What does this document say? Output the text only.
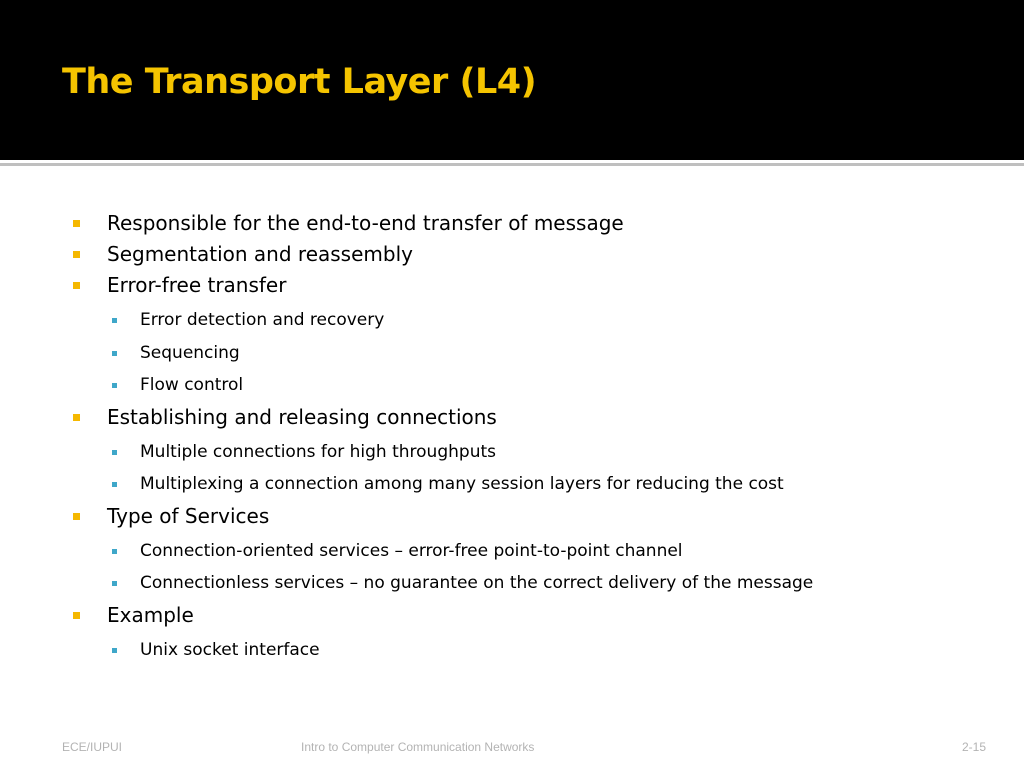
The Transport Layer (L4)
Responsible for the end-to-end transfer of message
Segmentation and reassembly
Error-free transfer
Error detection and recovery
Sequencing
Flow control
Establishing and releasing connections
Multiple connections for high throughputs
Multiplexing a connection among many session layers for reducing the cost
Type of Services
Connection-oriented services – error-free point-to-point channel
Connectionless services – no guarantee on the correct delivery of the message
Example
Unix socket interface
ECE/IUPUI	Intro to Computer Communication Networks	2-15
